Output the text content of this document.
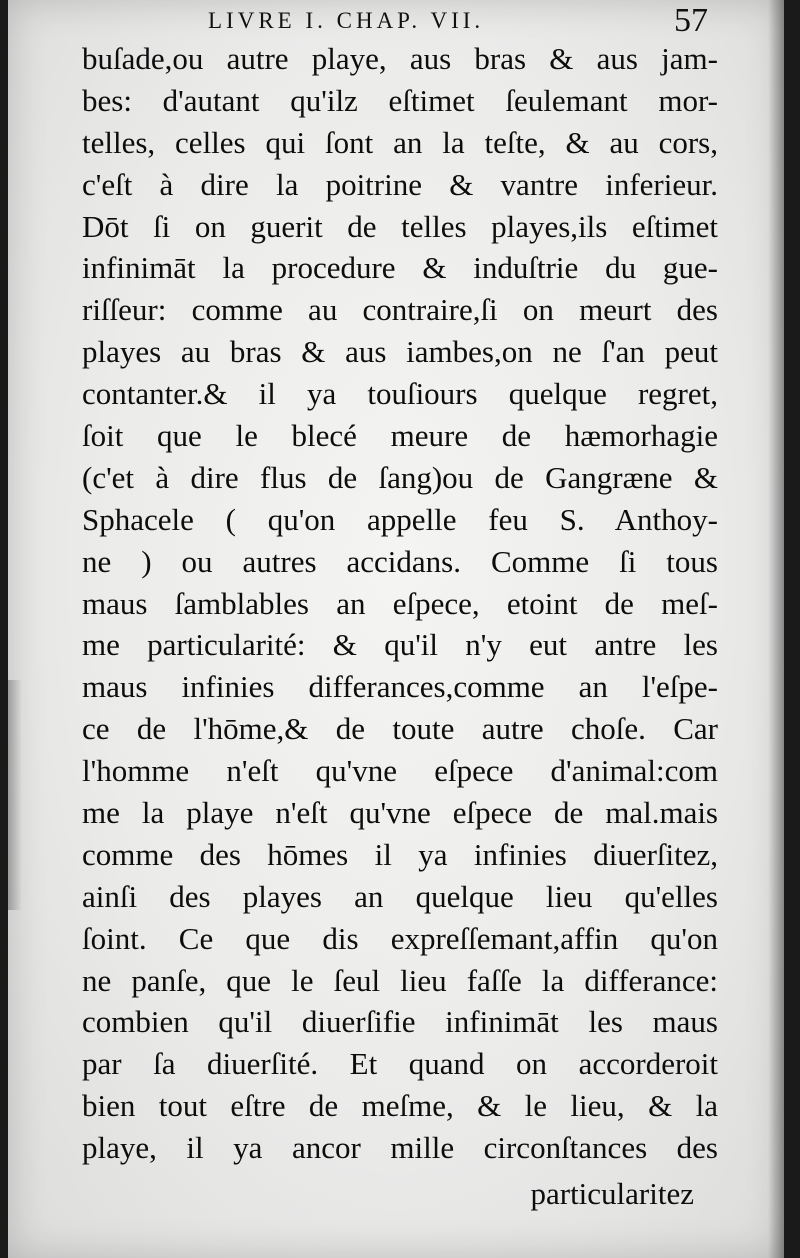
LIVRE I. CHAP. VII.	57
buſade,ou autre playe, aus bras & aus jam-
bes: d'autant qu'ilz eſtimet ſeulemant mor-
telles, celles qui ſont an la teſte, & au cors,
c'eſt à dire la poitrine & vantre inferieur.
Dōt ſi on guerit de telles playes,ils eſtimet
infinimāt la procedure & induſtrie du gue-
riſſeur: comme au contraire,ſi on meurt des
playes au bras & aus iambes,on ne ſ'an peut
contanter.& il ya touſiours quelque regret,
ſoit que le blecé meure de hæmorhagie
(c'et à dire flus de ſang)ou de Gangræne &
Sphacele ( qu'on appelle feu S. Anthoy-
ne ) ou autres accidans. Comme ſi tous
maus ſamblables an eſpece, etoint de meſ-
me particularité: & qu'il n'y eut antre les
maus infinies differances,comme an l'eſpe-
ce de l'hōme,& de toute autre choſe. Car
l'homme n'eſt qu'vne eſpece d'animal:com
me la playe n'eſt qu'vne eſpece de mal.mais
comme des hōmes il ya infinies diuerſitez,
ainſi des playes an quelque lieu qu'elles
ſoint. Ce que dis expreſſemant,affin qu'on
ne panſe, que le ſeul lieu faſſe la differance:
combien qu'il diuerſifie infinimāt les maus
par ſa diuerſité. Et quand on accorderoit
bien tout eſtre de meſme, & le lieu, & la
playe, il ya ancor mille circonſtances des
particularitez
